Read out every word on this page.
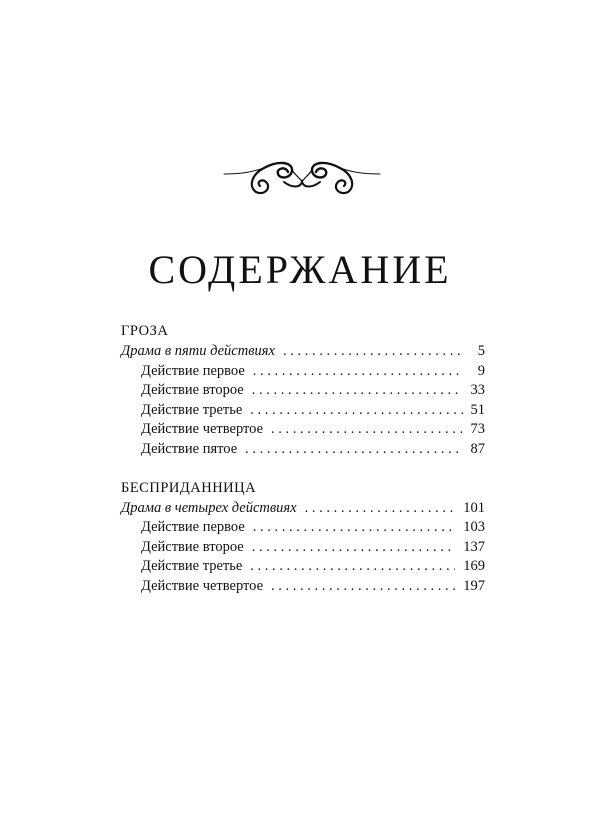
СОДЕРЖАНИЕ
ГРОЗА
Драма в пяти действиях . . .	5
Действие первое . . .	9
Действие второе . . .	33
Действие третье . . .	51
Действие четвертое . . .	73
Действие пятое . . .	87
БЕСПРИДАННИЦА
Драма в четырех действиях . . .	101
Действие первое . . .	103
Действие второе . . .	137
Действие третье . . .	169
Действие четвертое . . .	197
